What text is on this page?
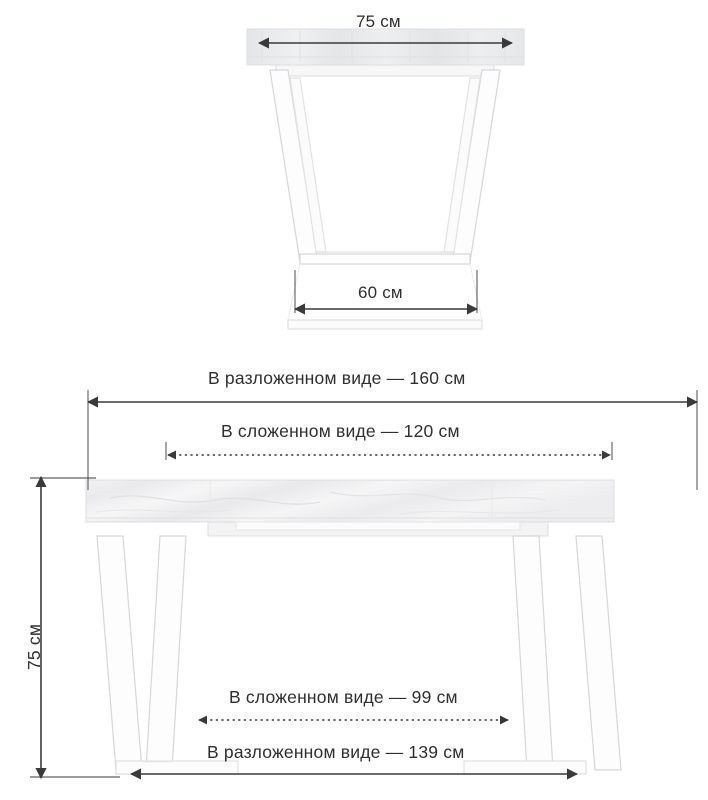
75 см
60 см
В разложенном виде — 160 см
В сложенном виде — 120 см
75 см
В сложенном виде — 99 см
В разложенном виде — 139 см
